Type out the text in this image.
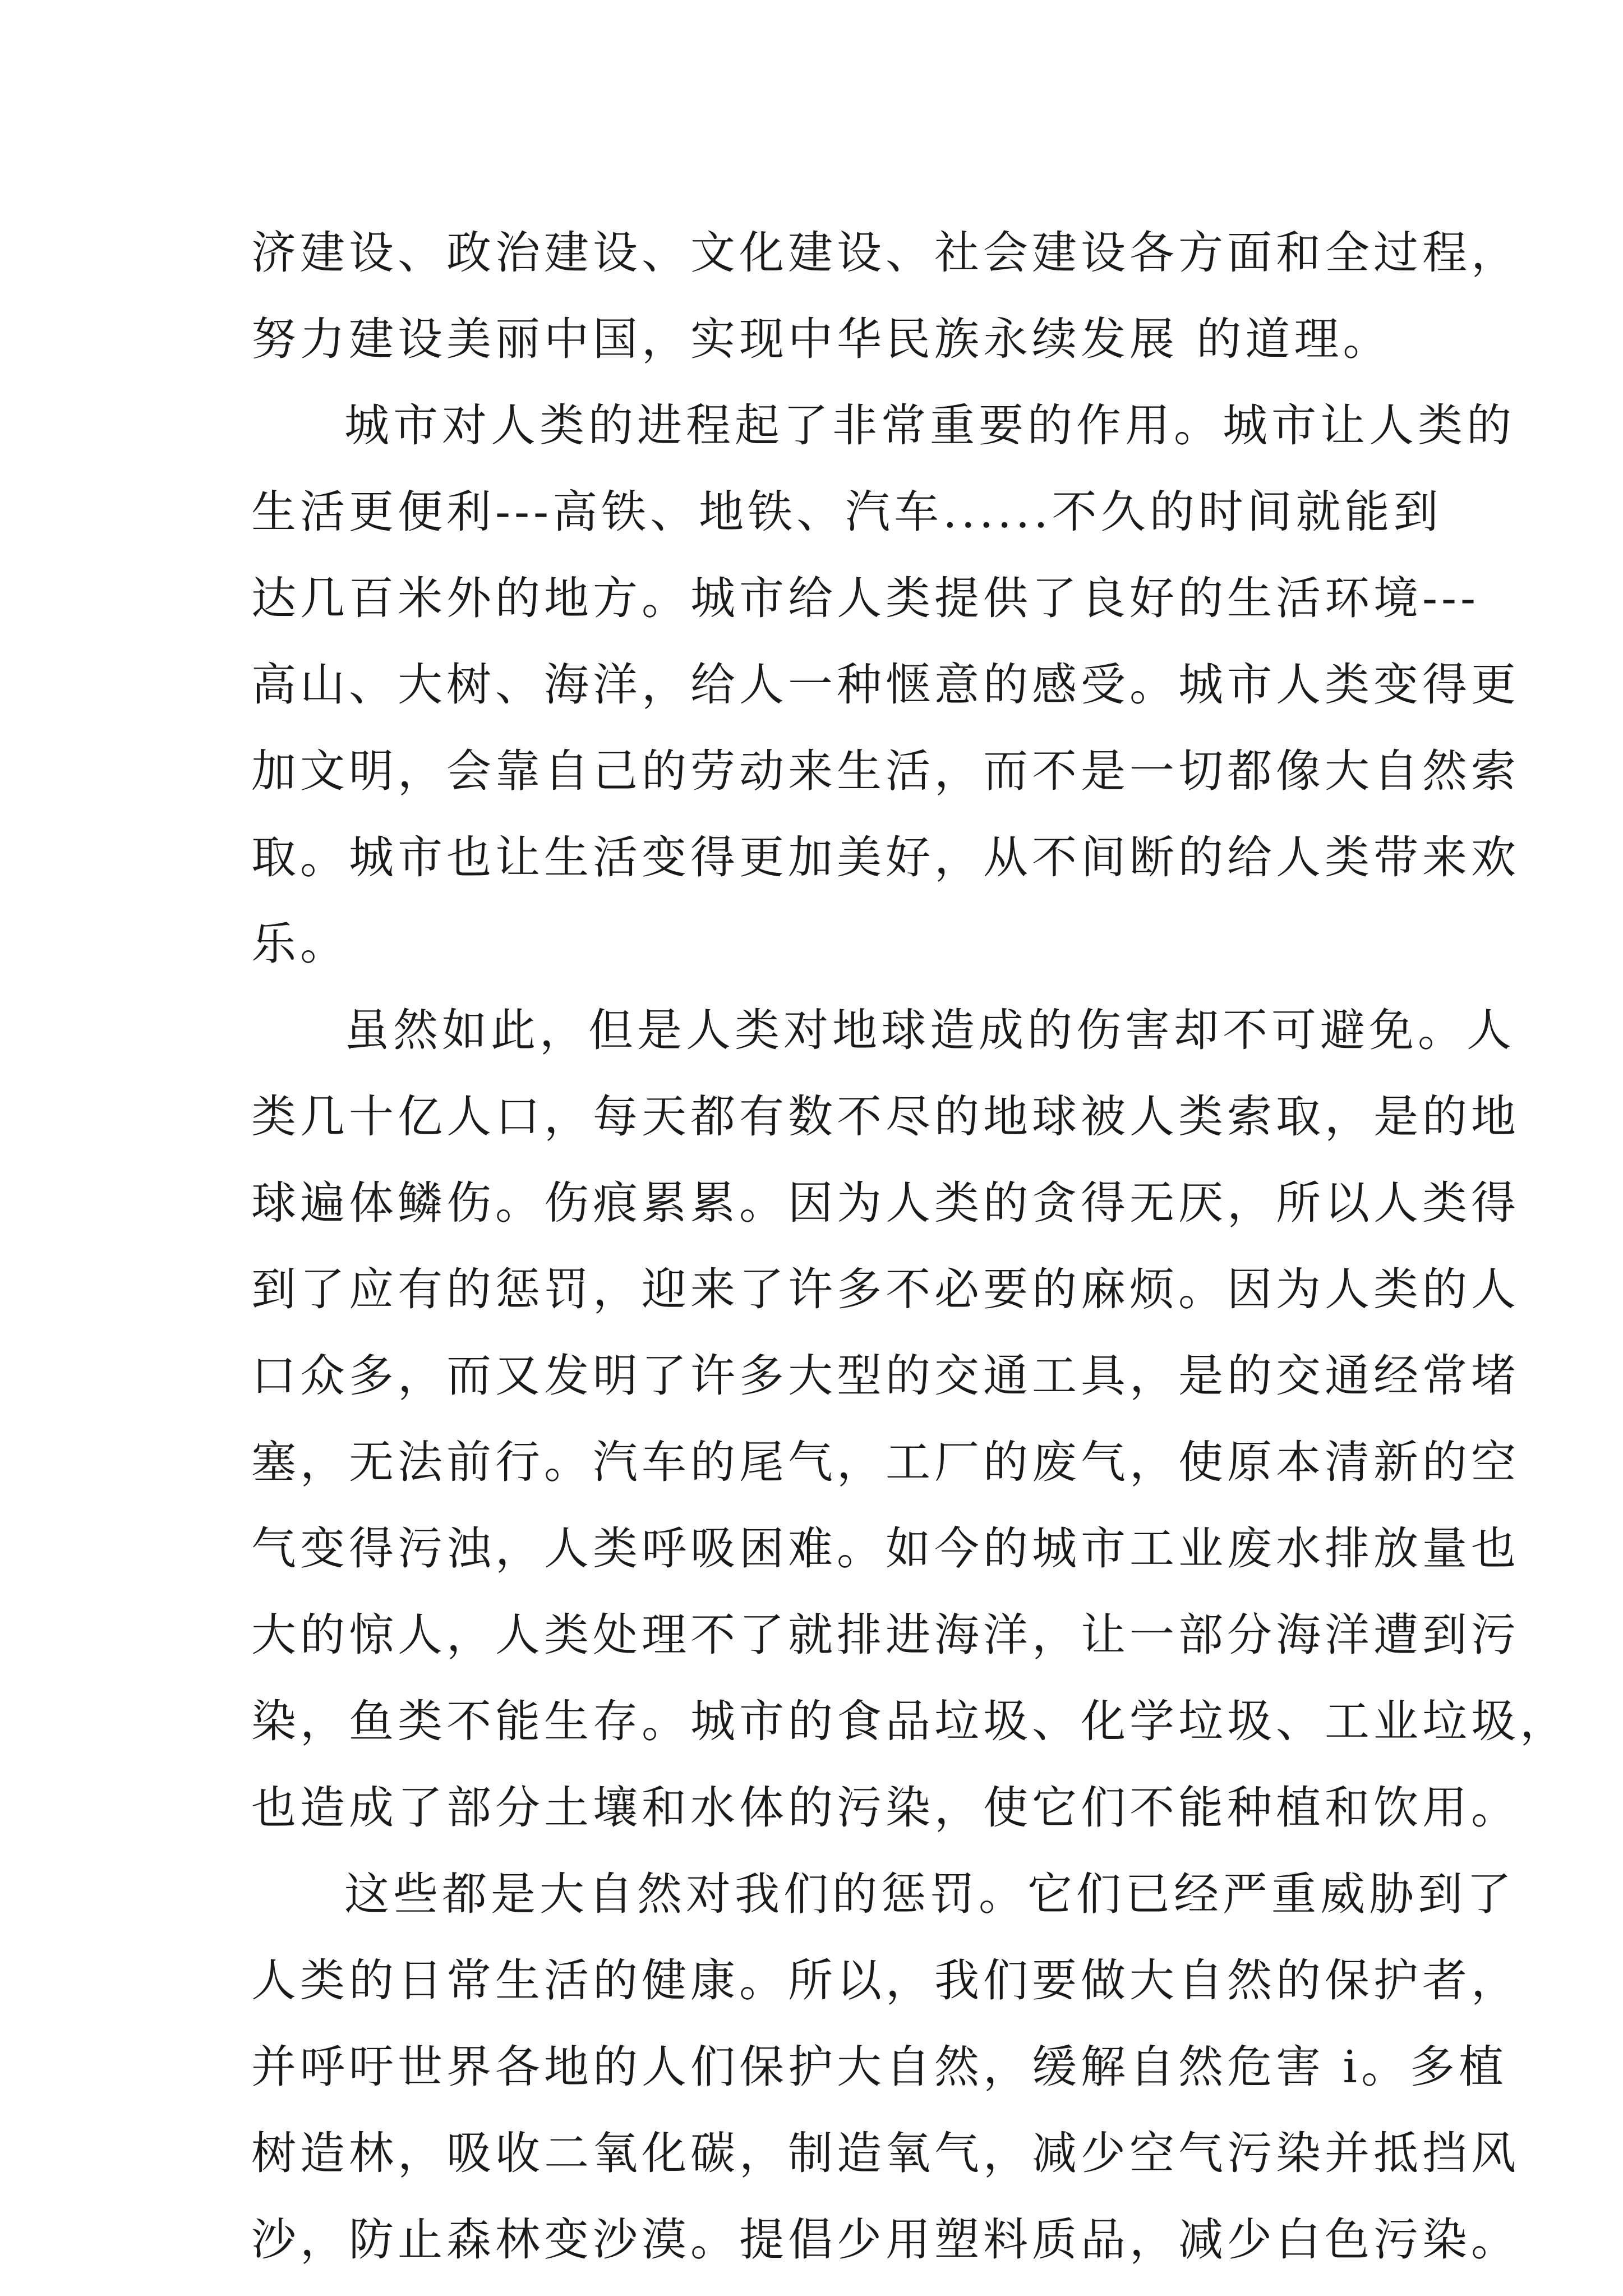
济建设、政治建设、文化建设、社会建设各方面和全过程，
努力建设美丽中国，实现中华民族永续发展 的道理。
城市对人类的进程起了非常重要的作用。城市让人类的
生活更便利---高铁、地铁、汽车......不久的时间就能到
达几百米外的地方。城市给人类提供了良好的生活环境---
高山、大树、海洋，给人一种惬意的感受。城市人类变得更
加文明，会靠自己的劳动来生活，而不是一切都像大自然索
取。城市也让生活变得更加美好，从不间断的给人类带来欢
乐。
虽然如此，但是人类对地球造成的伤害却不可避免。人
类几十亿人口，每天都有数不尽的地球被人类索取，是的地
球遍体鳞伤。伤痕累累。因为人类的贪得无厌，所以人类得
到了应有的惩罚，迎来了许多不必要的麻烦。因为人类的人
口众多，而又发明了许多大型的交通工具，是的交通经常堵
塞，无法前行。汽车的尾气，工厂的废气，使原本清新的空
气变得污浊，人类呼吸困难。如今的城市工业废水排放量也
大的惊人，人类处理不了就排进海洋，让一部分海洋遭到污
染，鱼类不能生存。城市的食品垃圾、化学垃圾、工业垃圾，
也造成了部分土壤和水体的污染，使它们不能种植和饮用。
这些都是大自然对我们的惩罚。它们已经严重威胁到了
人类的日常生活的健康。所以，我们要做大自然的保护者，
并呼吁世界各地的人们保护大自然，缓解自然危害 i。多植
树造林，吸收二氧化碳，制造氧气，减少空气污染并抵挡风
沙，防止森林变沙漠。提倡少用塑料质品，减少白色污染。
